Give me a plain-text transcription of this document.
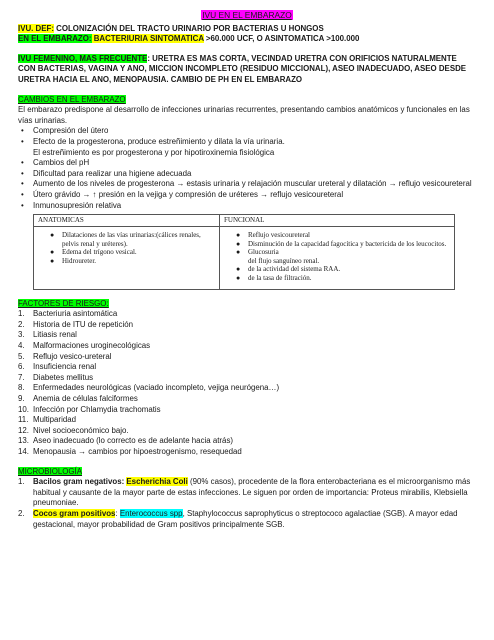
IVU EN EL EMBARAZO

IVU. DEF: COLONIZACIÓN DEL TRACTO URINARIO POR BACTERIAS U HONGOS

EN EL EMBARAZO: BACTERIURIA SINTOMATICA >60.000 UCF, O ASINTOMATICA >100.000

IVU FEMENINO, MAS FRECUENTE: URETRA ES MAS CORTA, VECINDAD URETRA CON ORIFICIOS NATURALMENTE CON BACTERIAS, VAGINA Y ANO, MICCION INCOMPLETO (RESIDUO MICCIONAL), ASEO INADECUADO, ASEO DESDE URETRA HACIA EL ANO, MENOPAUSIA. CAMBIO DE PH EN EL EMBARAZO

CAMBIOS EN EL EMBARAZO

El embarazo predispone al desarrollo de infecciones urinarias recurrentes, presentando cambios anatómicos y funcionales en las vías urinarias.

• Compresión del útero
• Efecto de la progesterona, produce estreñimiento y dilata la vía urinaria.
El estreñimiento es por progesterona y por hipotiroxinemia fisiológica
• Cambios del pH
• Dificultad para realizar una higiene adecuada
• Aumento de los niveles de progesterona → estasis urinaria y relajación muscular ureteral y dilatación → reflujo vesicoureteral
• Útero grávido → ↑ presión en la vejiga y compresión de uréteres → reflujo vesicoureteral
• Inmunosupresión relativa
ANATOMICAS
● Dilataciones de las vías urinarias:(cálices renales, pelvis renal y uréteres).
● Edema del trígono vesical.
● Hidroureter.
FUNCIONAL
● Reflujo vesicoureteral
● Disminución de la capacidad fagocítica y bactericida de los leucocitos.
● Glucosuria
del flujo sanguíneo renal.
● de la actividad del sistema RAA.
● de la tasa de filtración.

FACTORES DE RIESGO:

1. Bacteriuria asintomática
2. Historia de ITU de repetición
3. Litiasis renal
4. Malformaciones uroginecológicas
5. Reflujo vesico-ureteral
6. Insuficiencia renal
7. Diabetes mellitus
8. Enfermedades neurológicas (vaciado incompleto, vejiga neurógena…)
9. Anemia de células falciformes
10. Infección por Chlamydia trachomatis
11. Multiparidad
12. Nivel socioeconómico bajo.
13. Aseo inadecuado (lo correcto es de adelante hacia atrás)
14. Menopausia → cambios por hipoestrogenismo, resequedad

MICROBIOLOGÍA

1. Bacilos gram negativos: Escherichia Coli (90% casos), procedente de la flora enterobacteriana es el microorganismo más habitual y causante de la mayor parte de estas infecciones. Le siguen por orden de importancia: Proteus mirabilis, Klebsiella pneumoniae.
2. Cocos gram positivos: Enterococcus spp, Staphylococcus saprophyticus o streptococo agalactiae (SGB). A mayor edad gestacional, mayor probabilidad de Gram positivos principalmente SGB.
